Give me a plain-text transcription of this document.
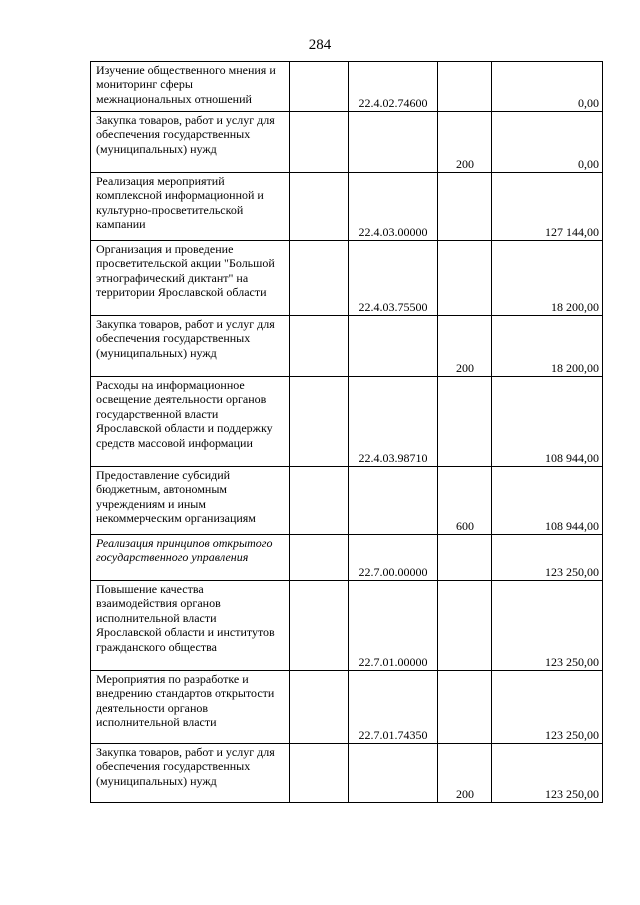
284
Изучение общественного мнения и мониторинг сферы межнациональных отношений		22.4.02.74600		0,00
Закупка товаров, работ и услуг для обеспечения государственных (муниципальных) нужд			200	0,00
Реализация мероприятий комплексной информационной и культурно-просветительской кампании		22.4.03.00000		127 144,00
Организация и проведение просветительской акции "Большой этнографический диктант" на территории Ярославской области		22.4.03.75500		18 200,00
Закупка товаров, работ и услуг для обеспечения государственных (муниципальных) нужд			200	18 200,00
Расходы на информационное освещение деятельности органов государственной власти Ярославской области и поддержку средств массовой информации		22.4.03.98710		108 944,00
Предоставление субсидий бюджетным, автономным учреждениям и иным некоммерческим организациям			600	108 944,00
Реализация принципов открытого государственного управления		22.7.00.00000		123 250,00
Повышение качества взаимодействия органов исполнительной власти Ярославской области и институтов гражданского общества		22.7.01.00000		123 250,00
Мероприятия по разработке и внедрению стандартов открытости деятельности органов исполнительной власти		22.7.01.74350		123 250,00
Закупка товаров, работ и услуг для обеспечения государственных (муниципальных) нужд			200	123 250,00
